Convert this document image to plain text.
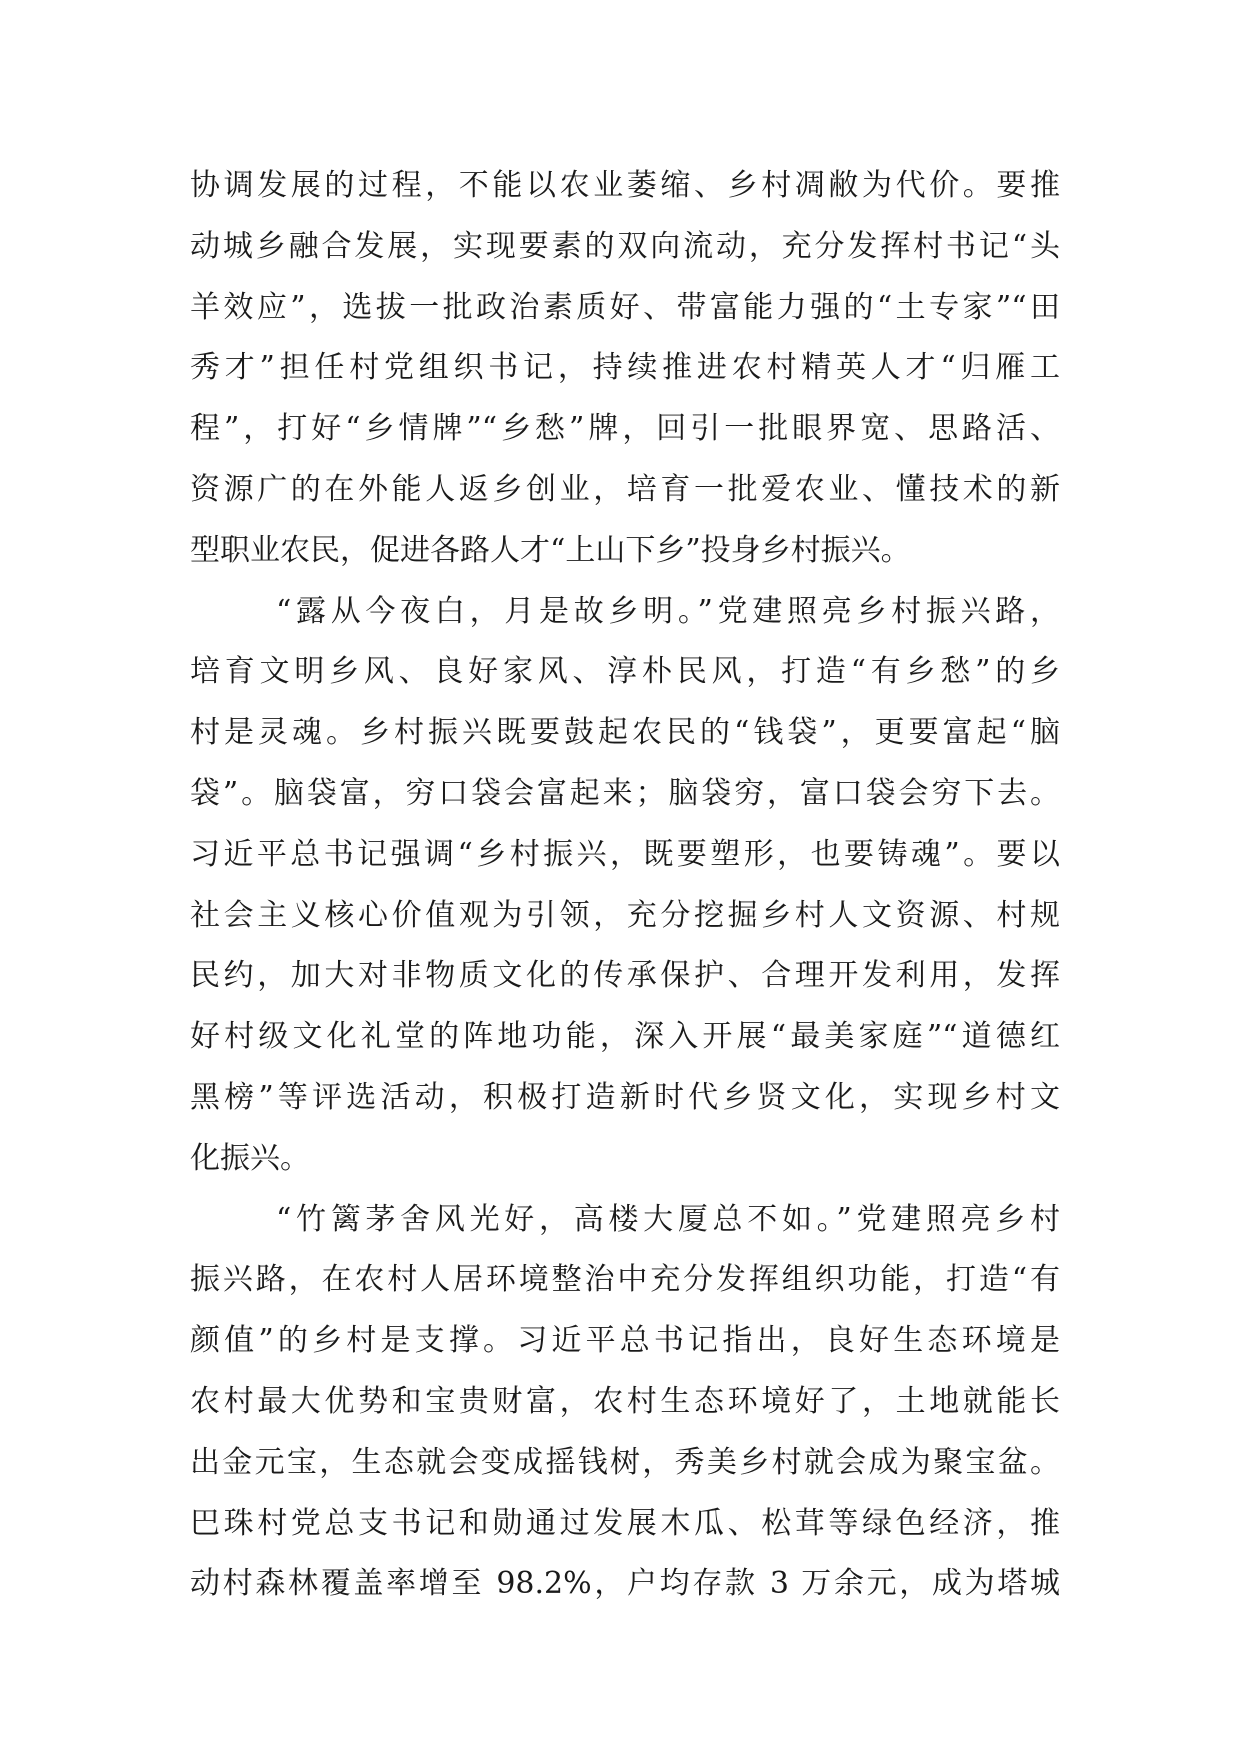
协调发展的过程，不能以农业萎缩、乡村凋敝为代价。要推
动城乡融合发展，实现要素的双向流动，充分发挥村书记“头
羊效应”，选拔一批政治素质好、带富能力强的“土专家”“田
秀才”担任村党组织书记，持续推进农村精英人才“归雁工
程”，打好“乡情牌”“乡愁”牌，回引一批眼界宽、思路活、
资源广的在外能人返乡创业，培育一批爱农业、懂技术的新
型职业农民，促进各路人才“上山下乡”投身乡村振兴。
“露从今夜白，月是故乡明。”党建照亮乡村振兴路，
培育文明乡风、良好家风、淳朴民风，打造“有乡愁”的乡
村是灵魂。乡村振兴既要鼓起农民的“钱袋”，更要富起“脑
袋”。脑袋富，穷口袋会富起来；脑袋穷，富口袋会穷下去。
习近平总书记强调“乡村振兴，既要塑形，也要铸魂”。要以
社会主义核心价值观为引领，充分挖掘乡村人文资源、村规
民约，加大对非物质文化的传承保护、合理开发利用，发挥
好村级文化礼堂的阵地功能，深入开展“最美家庭”“道德红
黑榜”等评选活动，积极打造新时代乡贤文化，实现乡村文
化振兴。
“竹篱茅舍风光好，高楼大厦总不如。”党建照亮乡村
振兴路，在农村人居环境整治中充分发挥组织功能，打造“有
颜值”的乡村是支撑。习近平总书记指出，良好生态环境是
农村最大优势和宝贵财富，农村生态环境好了，土地就能长
出金元宝，生态就会变成摇钱树，秀美乡村就会成为聚宝盆。
巴珠村党总支书记和勋通过发展木瓜、松茸等绿色经济，推
动村森林覆盖率增至 98.2%，户均存款 3 万余元，成为塔城
